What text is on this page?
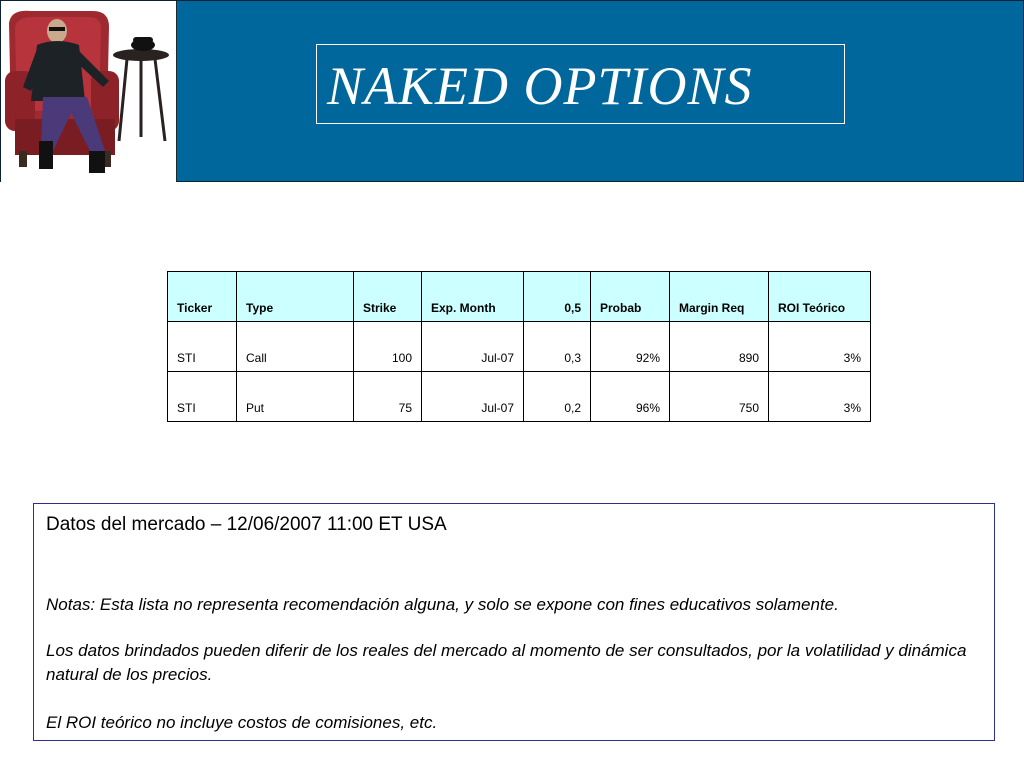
NAKED OPTIONS
Ticker	Type	Strike	Exp. Month	0,5	Probab	Margin Req	ROI Teórico
STI	Call	100	Jul-07	0,3	92%	890	3%
STI	Put	75	Jul-07	0,2	96%	750	3%
Datos del mercado – 12/06/2007 11:00 ET USA
Notas: Esta lista no representa recomendación alguna, y solo se expone con fines educativos solamente.
Los datos brindados pueden diferir de los reales del mercado al momento de ser consultados, por la volatilidad y dinámica natural de los precios.
El ROI teórico no incluye costos de comisiones, etc.
